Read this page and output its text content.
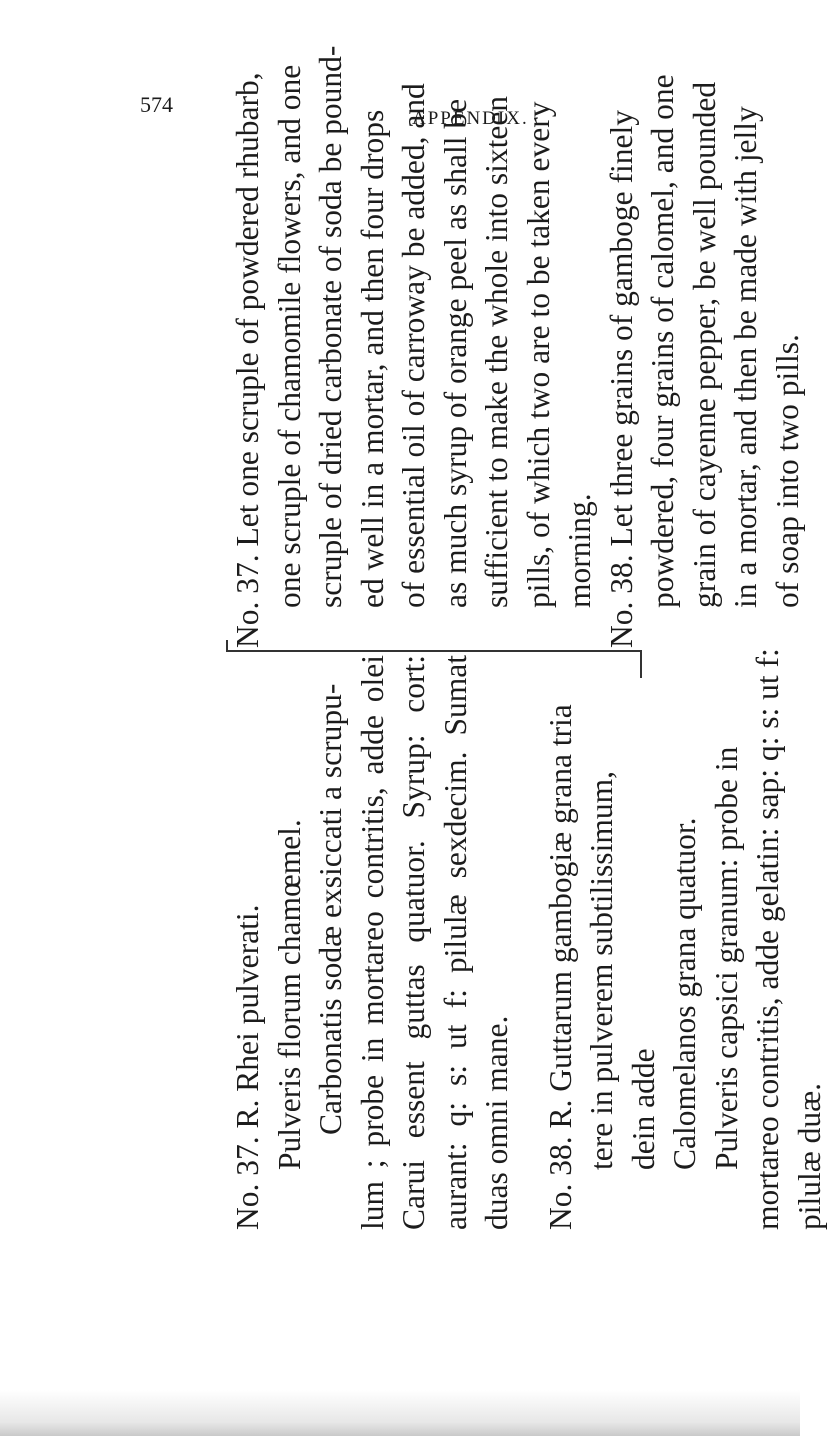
574
APPENDIX.
No. 37. Let one scruple of powdered rhubarb, one scruple of chamomile flowers, and one scruple of dried carbonate of soda be pound- ed well in a mortar, and then four drops of essential oil of carroway be added, and as much syrup of orange peel as shall be sufficient to make the whole into sixteen pills, of which two are to be taken every morning. No. 38. Let three grains of gamboge finely powdered, four grains of calomel, and one grain of cayenne pepper, be well pounded in a mortar, and then be made with jelly of soap into two pills.
No. 37. R. Rhei pulverati. Pulveris florum chamœmel. Carbonatis sodæ exsiccati a scrupu- lum ; probe in mortareo contritis, adde olei Carui essent guttas quatuor. Syrup: cort: aurant: q: s: ut f: pilulæ sexdecim. Sumat duas omni mane. No. 38. R. Guttarum gambogiæ grana tria tere in pulverem subtilissimum, dein adde Calomelanos grana quatuor. Pulveris capsici granum: probe in mortareo contritis, adde gelatin: sap: q: s: ut f: pilulæ duæ.
